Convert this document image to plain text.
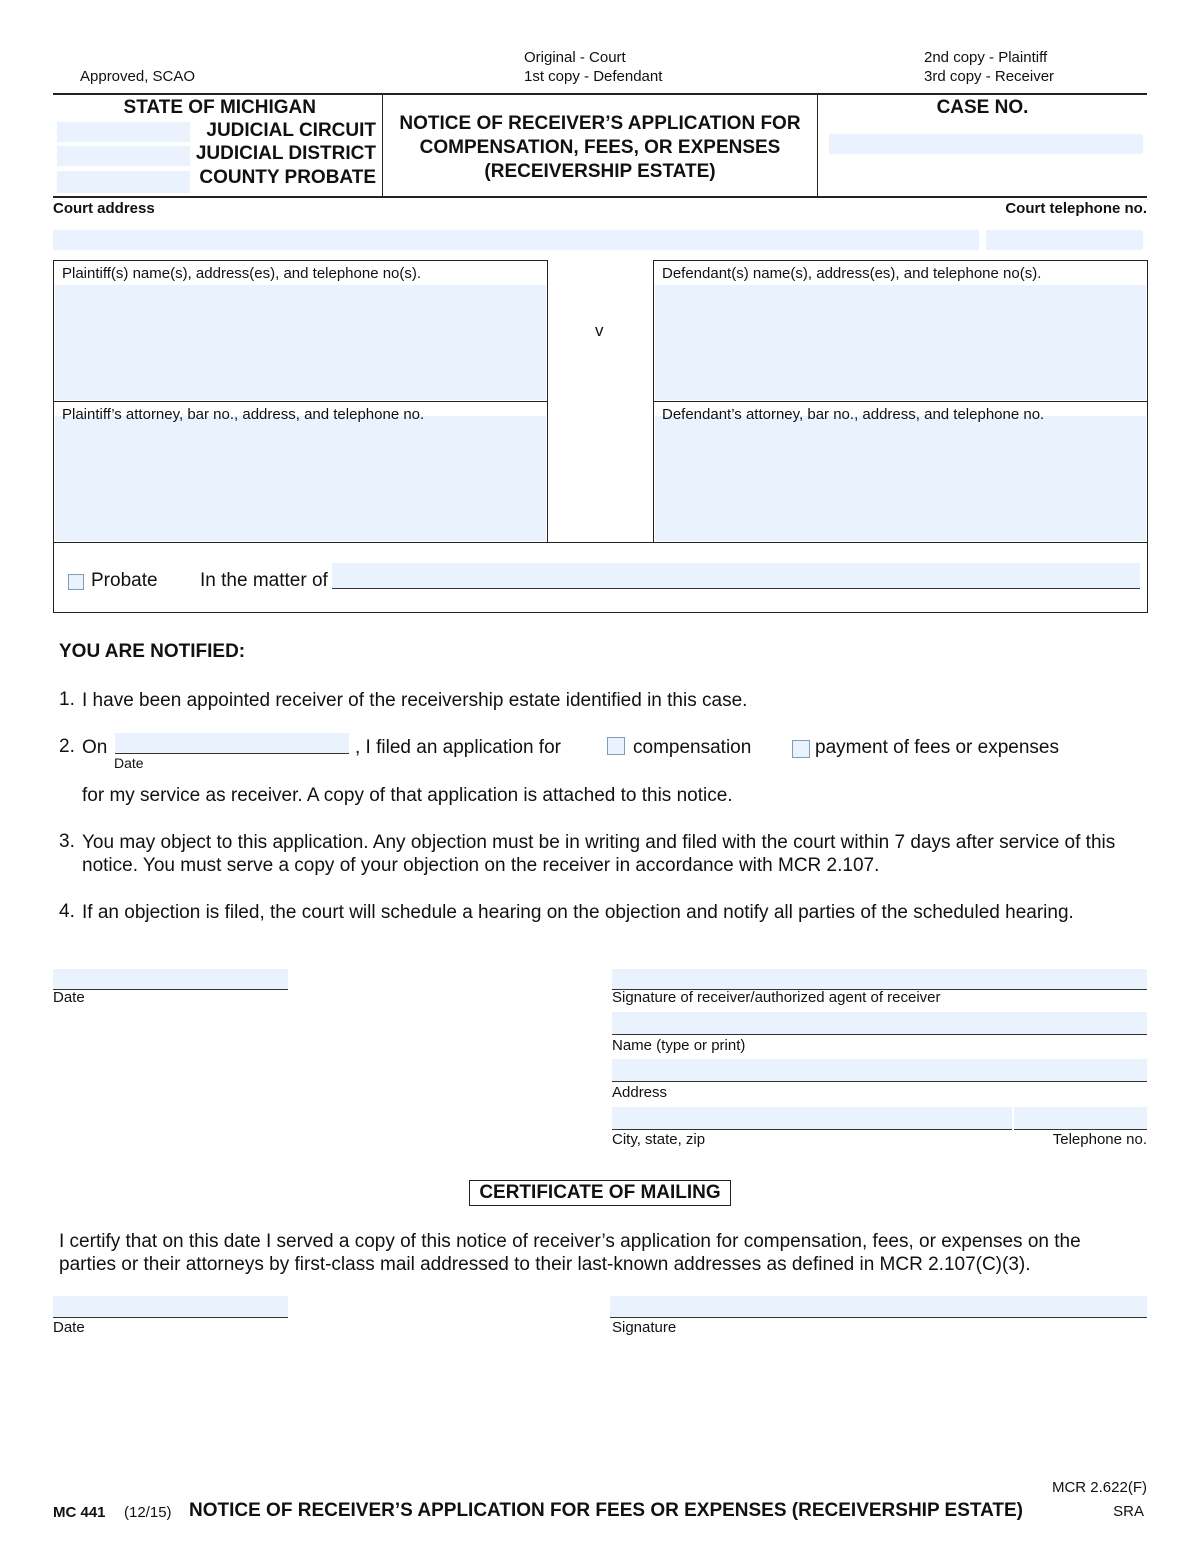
Approved, SCAO
Original - Court
1st copy - Defendant
2nd copy - Plaintiff
3rd copy - Receiver
STATE OF MICHIGAN
JUDICIAL CIRCUIT
JUDICIAL DISTRICT
COUNTY PROBATE
NOTICE OF RECEIVER’S APPLICATION FOR
COMPENSATION, FEES, OR EXPENSES
(RECEIVERSHIP ESTATE)
CASE NO.
Court address	Court telephone no.
Plaintiff(s) name(s), address(es), and telephone no(s).
Plaintiff’s attorney, bar no., address, and telephone no.
v
Defendant(s) name(s), address(es), and telephone no(s).
Defendant’s attorney, bar no., address, and telephone no.
Probate In the matter of
YOU ARE NOTIFIED:
1. I have been appointed receiver of the receivership estate identified in this case.
2. On
Date
, I filed an application for	compensation	payment of fees or expenses
for my service as receiver. A copy of that application is attached to this notice.
3. You may object to this application. Any objection must be in writing and filed with the court within 7 days after service of this
notice. You must serve a copy of your objection on the receiver in accordance with MCR 2.107.
4. If an objection is filed, the court will schedule a hearing on the objection and notify all parties of the scheduled hearing.
Date	Signature of receiver/authorized agent of receiver
Name (type or print)
Address
City, state, zip	Telephone no.
CERTIFICATE OF MAILING
I certify that on this date I served a copy of this notice of receiver’s application for compensation, fees, or expenses on the
parties or their attorneys by first-class mail addressed to their last-known addresses as defined in MCR 2.107(C)(3).
Date	Signature
MCR 2.622(F)
MC 441 (12/15) NOTICE OF RECEIVER’S APPLICATION FOR FEES OR EXPENSES (RECEIVERSHIP ESTATE)	SRA
